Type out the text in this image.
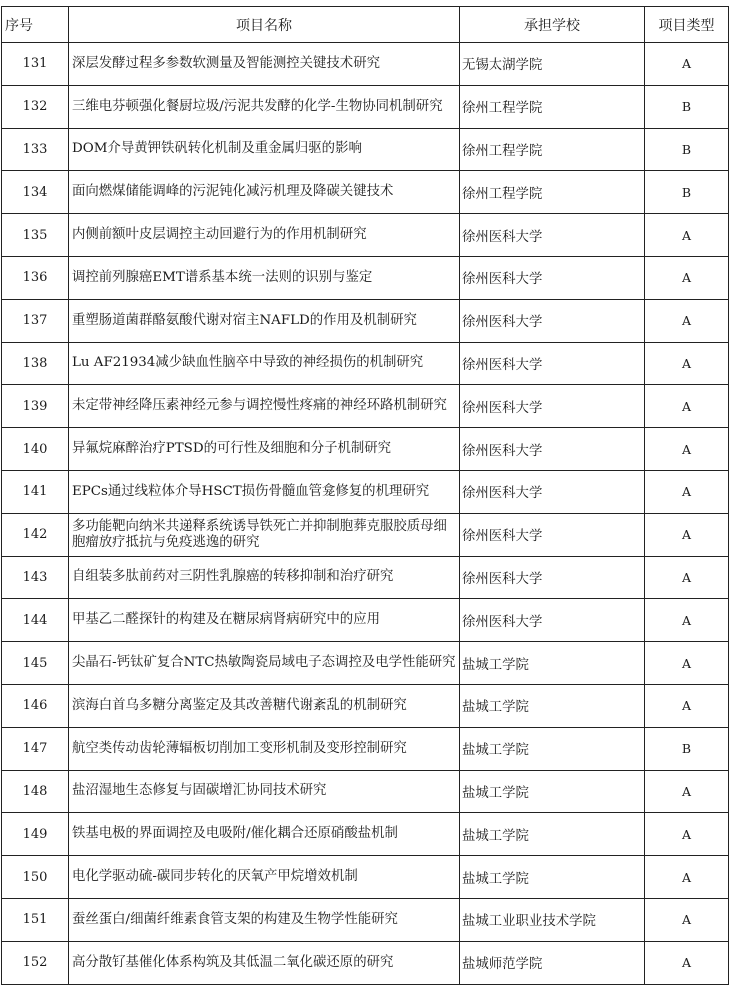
序号	项目名称	承担学校	项目类型
131	深层发酵过程多参数软测量及智能测控关键技术研究	无锡太湖学院	A
132	三维电芬顿强化餐厨垃圾/污泥共发酵的化学-生物协同机制研究	徐州工程学院	B
133	DOM介导黄钾铁矾转化机制及重金属归驱的影响	徐州工程学院	B
134	面向燃煤储能调峰的污泥钝化减污机理及降碳关键技术	徐州工程学院	B
135	内侧前额叶皮层调控主动回避行为的作用机制研究	徐州医科大学	A
136	调控前列腺癌EMT谱系基本统一法则的识别与鉴定	徐州医科大学	A
137	重塑肠道菌群酪氨酸代谢对宿主NAFLD的作用及机制研究	徐州医科大学	A
138	Lu AF21934减少缺血性脑卒中导致的神经损伤的机制研究	徐州医科大学	A
139	未定带神经降压素神经元参与调控慢性疼痛的神经环路机制研究	徐州医科大学	A
140	异氟烷麻醉治疗PTSD的可行性及细胞和分子机制研究	徐州医科大学	A
141	EPCs通过线粒体介导HSCT损伤骨髓血管龛修复的机理研究	徐州医科大学	A
142	多功能靶向纳米共递释系统诱导铁死亡并抑制胞葬克服胶质母细胞瘤放疗抵抗与免疫逃逸的研究	徐州医科大学	A
143	自组装多肽前药对三阴性乳腺癌的转移抑制和治疗研究	徐州医科大学	A
144	甲基乙二醛探针的构建及在糖尿病肾病研究中的应用	徐州医科大学	A
145	尖晶石-钙钛矿复合NTC热敏陶瓷局域电子态调控及电学性能研究	盐城工学院	A
146	滨海白首乌多糖分离鉴定及其改善糖代谢紊乱的机制研究	盐城工学院	A
147	航空类传动齿轮薄辐板切削加工变形机制及变形控制研究	盐城工学院	B
148	盐沼湿地生态修复与固碳增汇协同技术研究	盐城工学院	A
149	铁基电极的界面调控及电吸附/催化耦合还原硝酸盐机制	盐城工学院	A
150	电化学驱动硫-碳同步转化的厌氧产甲烷增效机制	盐城工学院	A
151	蚕丝蛋白/细菌纤维素食管支架的构建及生物学性能研究	盐城工业职业技术学院	A
152	高分散钌基催化体系构筑及其低温二氧化碳还原的研究	盐城师范学院	A
